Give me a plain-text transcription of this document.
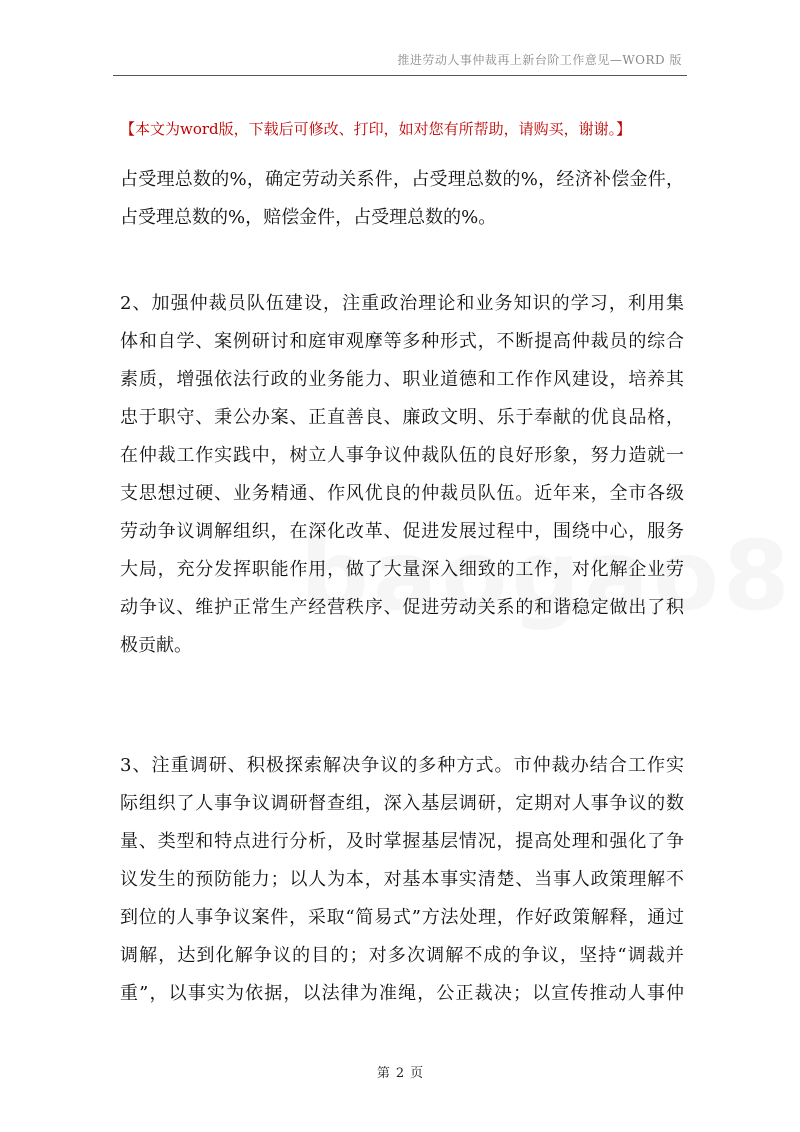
推进劳动人事仲裁再上新台阶工作意见—WORD 版
【本文为word版，下载后可修改、打印，如对您有所帮助，请购买，谢谢。】

占受理总数的%，确定劳动关系件，占受理总数的%，经济补偿金件，

占受理总数的%，赔偿金件，占受理总数的%。

2、加强仲裁员队伍建设，注重政治理论和业务知识的学习，利用集

体和自学、案例研讨和庭审观摩等多种形式，不断提高仲裁员的综合

素质，增强依法行政的业务能力、职业道德和工作作风建设，培养其

忠于职守、秉公办案、正直善良、廉政文明、乐于奉献的优良品格，

在仲裁工作实践中，树立人事争议仲裁队伍的良好形象，努力造就一

支思想过硬、业务精通、作风优良的仲裁员队伍。近年来，全市各级

劳动争议调解组织，在深化改革、促进发展过程中，围绕中心，服务

大局，充分发挥职能作用，做了大量深入细致的工作，对化解企业劳

动争议、维护正常生产经营秩序、促进劳动关系的和谐稳定做出了积

极贡献。

3、注重调研、积极探索解决争议的多种方式。市仲裁办结合工作实

际组织了人事争议调研督查组，深入基层调研，定期对人事争议的数

量、类型和特点进行分析，及时掌握基层情况，提高处理和强化了争

议发生的预防能力；以人为本，对基本事实清楚、当事人政策理解不

到位的人事争议案件，采取“简易式”方法处理，作好政策解释，通过

调解，达到化解争议的目的；对多次调解不成的争议，坚持“调裁并

重”，以事实为依据，以法律为准绳，公正裁决；以宣传推动人事仲

第 2 页
